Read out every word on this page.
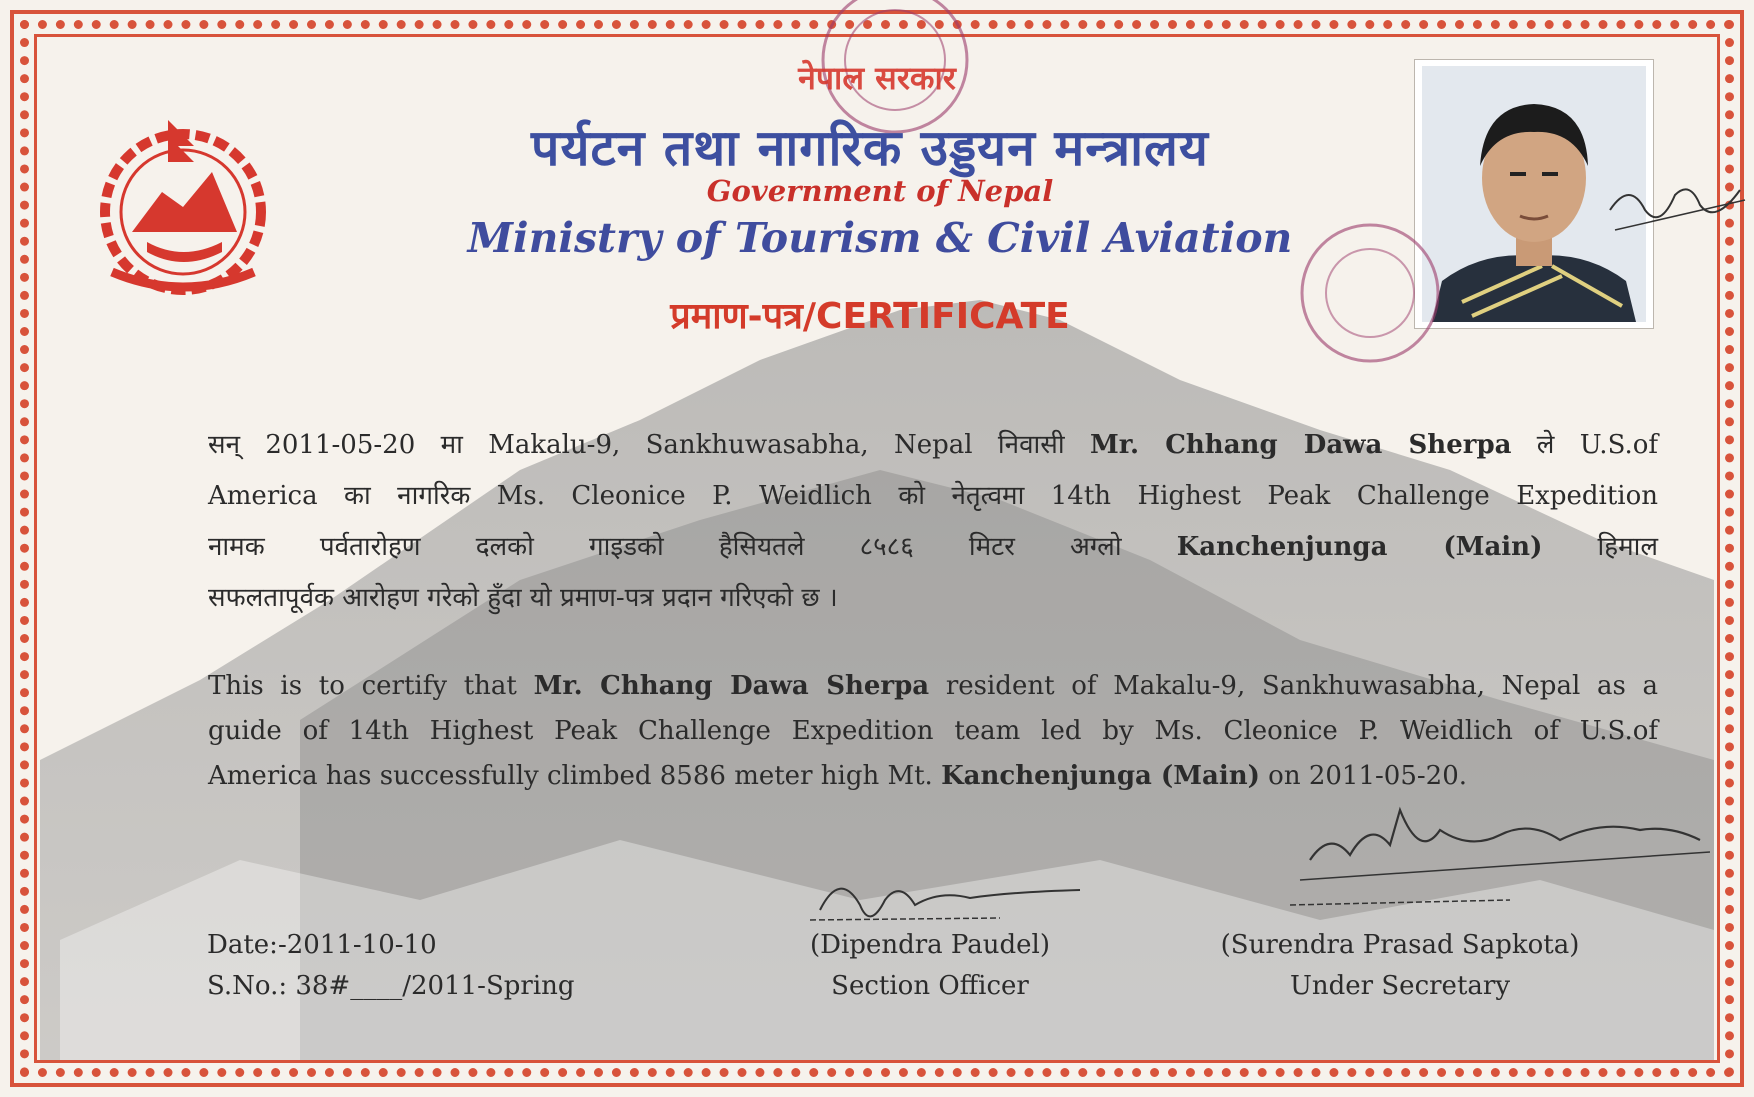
नेपाल सरकार
पर्यटन तथा नागरिक उड्डयन मन्त्रालय
Government of Nepal
Ministry of Tourism & Civil Aviation
प्रमाण-पत्र/CERTIFICATE
सन् 2011-05-20 मा Makalu-9, Sankhuwasabha, Nepal निवासी Mr. Chhang Dawa Sherpa ले U.S.of
America का नागरिक Ms. Cleonice P. Weidlich को नेतृत्वमा 14th Highest Peak Challenge Expedition
नामक पर्वतारोहण दलको गाइडको हैसियतले ८५८६ मिटर अग्लो Kanchenjunga (Main) हिमाल
सफलतापूर्वक आरोहण गरेको हुँदा यो प्रमाण-पत्र प्रदान गरिएको छ ।
This is to certify that Mr. Chhang Dawa Sherpa resident of Makalu-9, Sankhuwasabha, Nepal as a
guide of 14th Highest Peak Challenge Expedition team led by Ms. Cleonice P. Weidlich of U.S.of
America has successfully climbed 8586 meter high Mt. Kanchenjunga (Main) on 2011-05-20.
Date:-2011-10-10
S.No.: 38#____/2011-Spring
(Dipendra Paudel)
Section Officer
(Surendra Prasad Sapkota)
Under Secretary
